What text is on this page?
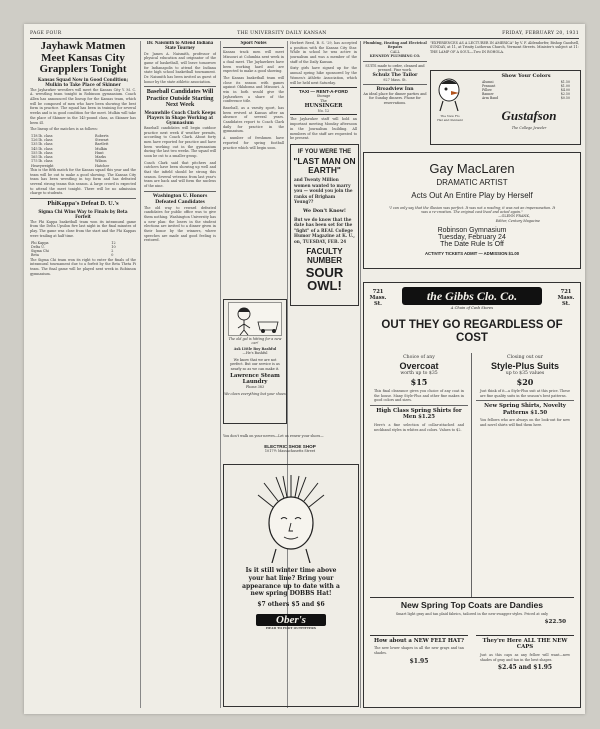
PAGE FOUR	THE UNIVERSITY DAILY KANSAN	FRIDAY, FEBRUARY 20, 1931
Jayhawk Matmen Meet Kansas City Grapplers Tonight

Kansas Squad Now in Good Condition; Mulkin to Take Place of Skinner

The Jayhawker wrestlers will meet the Kansas City Y. M. C. A. wrestling team tonight in Robinson gymnasium. Coach Allen has announced the lineup for the Kansas team, which will be composed of men who have been showing the best form in practice. The squad has been in training for several weeks and is in good condition for the meet. Mulkin will take the place of Skinner in the 145-pound class, as Skinner has been ill.

The lineup of the matches is as follows:

118 lb. class	Roberts
126 lb. class	Stewart
135 lb. class	Bartlett
145 lb. class	Mulkin
155 lb. class	Hunt
165 lb. class	Marks
175 lb. class	Wilson
Heavyweight	Hatcher

This is the fifth match for the Kansas squad this year and the team will be out to make a good showing. The Kansas City team has been wrestling in top form and has defeated several strong teams this season. A large crowd is expected to attend the meet tonight. There will be no admission charge to students.

PhiKappa's Defeat D. U.'s

Sigma Chi Wins Way to Finals by Beta Forfeit

The Phi Kappa basketball team won its intramural game from the Delta Upsilon five last night in the final minutes of play. The game was close from the start and the Phi Kappas were trailing at half time.

Phi Kappa	12
Delta U.	10
Sigma Chi	2
Beta	0

The Sigma Chi team won its right to enter the finals of the intramural tournament due to a forfeit by the Beta Theta Pi team. The final game will be played next week in Robinson gymnasium.

Dr. Naismith to Attend Indiana State Tourney

Dr. James A. Naismith, professor of physical education and originator of the game of basketball, will leave tomorrow for Indianapolis to attend the Indiana state high school basketball tournament. Dr. Naismith has been invited as guest of honor by the state athletic association.

Baseball Candidates Will Practice Outside Starting Next Week

Meanwhile Coach Clark Keeps Players in Shape Working at Gymnasium

Baseball candidates will begin outdoor practice next week if weather permits, according to Coach Clark. About forty men have reported for practice and have been working out in the gymnasium during the last two weeks. The squad will soon be cut to a smaller group.

Coach Clark said that pitchers and catchers have been showing up well and that the infield should be strong this season. Several veterans from last year's team are back and will form the nucleus of the nine.

Washington U. Honors Defeated Candidates

The old way to reward defeated candidates for public office was to give them nothing. Washington University has a new plan: the losers in the student elections are invited to a dinner given in their honor by the winners, where speeches are made and good feeling is restored.

Sport Notes

Kansas track men will meet Missouri at Columbia next week in a dual meet. The Jayhawkers have been working hard and are expected to make a good showing.

The Kansas basketball team will close its season with games against Oklahoma and Missouri. A win in both would give the Jayhawkers a share of the conference title.

Baseball, as a varsity sport, has been revived at Kansas after an absence of several years. Candidates report to Coach Clark daily for practice in the gymnasium.

A number of freshmen have reported for spring football practice which will begin soon.

Herbert Reed, B. S. '29, has accepted a position with the Kansas City Star. While in school he was active in journalism and was a member of the staff of the Daily Kansan.

Sixty girls have signed up for the annual spring hike sponsored by the Women's Athletic Association, which will be held next Saturday.

TAXI — RENT-A-FORD
Storage
The
HUNSINGER
No. 12

The Jayhawker staff will hold an important meeting Monday afternoon in the Journalism building. All members of the staff are requested to be present.

Plumbing, Heating and Electrical Repairs
CALL
KENNEDY PLUMBING CO.
SUITS made to order, cleaned and pressed. Fine work.
Schulz The Tailor
927 Mass. St.
Broadview Inn
An ideal place for dinner parties and for Sunday dinners. Phone for reservations.

"EXPERIENCES AS A LECTURER IN AMERICA" by V. F. Aldendorfer, Bishop Gaodsell, SUNDAY, at 11, at Trinity Lutheran Church, Vermont Streets. Minister's subject at 11: THE LAMP OF A SOUL—Two IN BOHOLA.

The New Flo
Hat and Pennant
Show Your Colors
Alumni	$1.50
Pennant	$1.00
Pillow	$4.00
Banner	$2.50
Arm Band	$0.50
Gustafson
The College Jeweler
IF YOU WERE THE
"LAST MAN ON EARTH"

and Twenty Million women wanted to marry you — would you join the ranks of Brigham Young??

We Don't Know!

But we do know that the date has been set for the "fight" of a REAL College Humor Magazine at K. U., on, TUESDAY, FEB. 24

FACULTY NUMBER
SOUR OWL!
Gay MacLaren
DRAMATIC ARTIST
Acts Out An Entire Play by Herself

"I can only say that the illusion was perfect. It was not a reading; it was not an impersonation. It was a re-creation. The original cast lived and acted again."

—GLENN FRANK,
Editor, Century Magazine
Robinson Gymnasium
Tuesday, February 24
The Date Rule Is Off
ACTIVITY TICKETS ADMIT — ADMISSION $1.00

The old gal is hitting for a new car!

Ask Little Boy Bashful
—He's Bashful

We know that we are not perfect. But our service is as nearly so as we can make it.

Lawrence Steam Laundry
Phone 383
We clean everything but your shoes
You don't walk on your nerves—Let us renew your shoes—
ELECTRIC SHOE SHOP
1017½ Massachusetts Street

Is it still winter time above your hat line? Bring your appearance up to date with a new spring DOBBS Hat!

$7 others $5 and $6

Ober's
HEAD TO FOOT OUTFITTERS
721 Mass. St.
721 Mass. St.
the Gibbs Clo. Co.
A Chain of Cash Stores
OUT THEY GO REGARDLESS OF COST
Choice of any
Overcoat
worth up to $35
$15

This final clearance gives you choice of any coat in the house. Many Style-Plus and other fine makes in good colors and sizes.

High Class Spring Shirts for Men $1.25

Here's a fine selection of collar-attached and neckband styles in whites and colors. Values to $2.

Closing out our
Style-Plus Suits
up to $35 values
$20

Just think of it—a Style-Plus suit at this price. These are fine quality suits in the season's best patterns.

New Spring Shirts, Novelty Patterns $1.50

You fellows who are always on the look-out for new and novel shirts will find them here.

New Spring Top Coats are Dandies

Smart light gray and tan plaid fabrics, tailored in the new swagger styles. Priced at only

$22.50
How about a NEW FELT HAT?

The new lower shapes in all the new grays and tan shades.

$1.95
They're Here ALL THE NEW CAPS

Just as this caps as any fellow will want—new shades of gray and tan in the best shapes.

$2.45 and $1.95
